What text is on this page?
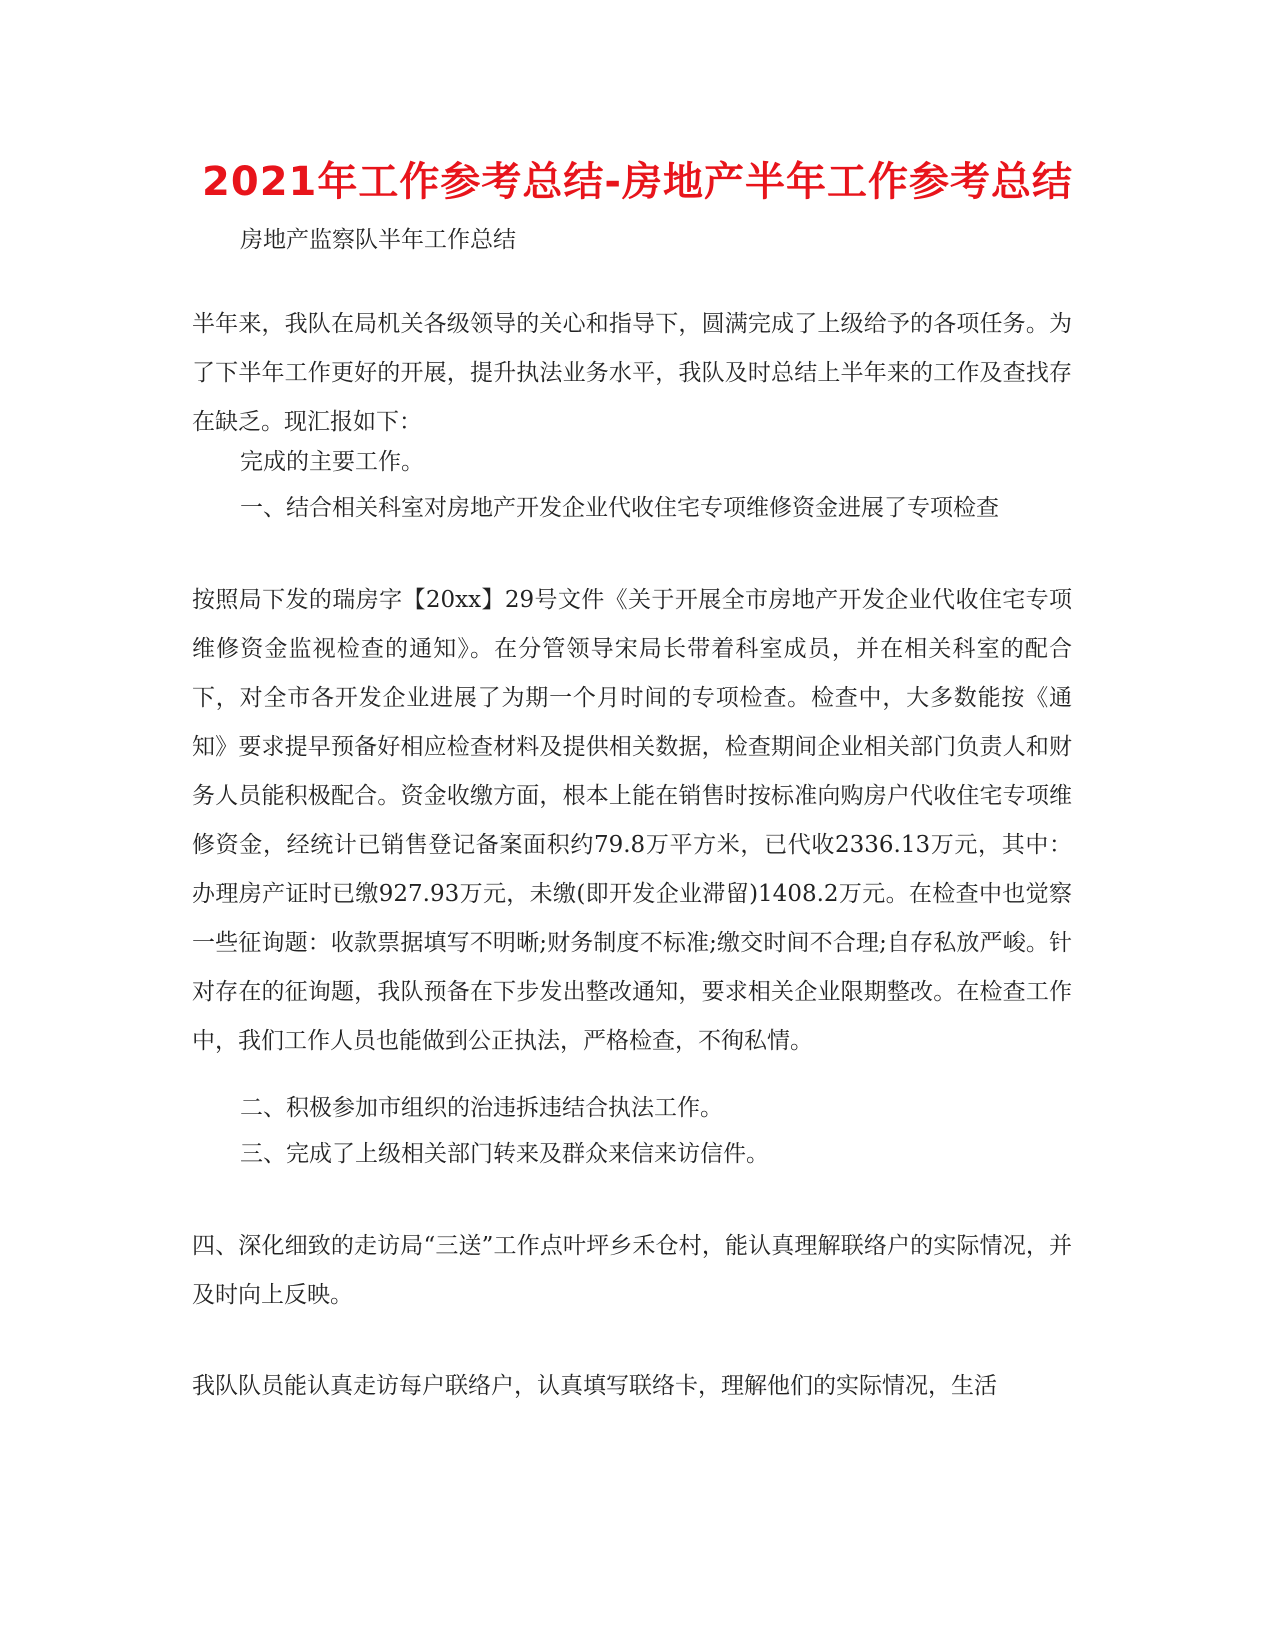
2021年工作参考总结-房地产半年工作参考总结
房地产监察队半年工作总结
半年来，我队在局机关各级领导的关心和指导下，圆满完成了上级给予的各项任务。为了下半年工作更好的开展，提升执法业务水平，我队及时总结上半年来的工作及查找存在缺乏。现汇报如下：
完成的主要工作。
一、结合相关科室对房地产开发企业代收住宅专项维修资金进展了专项检查
按照局下发的瑞房字【20xx】29号文件《关于开展全市房地产开发企业代收住宅专项维修资金监视检查的通知》。在分管领导宋局长带着科室成员，并在相关科室的配合下，对全市各开发企业进展了为期一个月时间的专项检查。检查中，大多数能按《通知》要求提早预备好相应检查材料及提供相关数据，检查期间企业相关部门负责人和财务人员能积极配合。资金收缴方面，根本上能在销售时按标准向购房户代收住宅专项维修资金，经统计已销售登记备案面积约79.8万平方米，已代收2336.13万元，其中：办理房产证时已缴927.93万元，未缴(即开发企业滞留)1408.2万元。在检查中也觉察一些征询题：收款票据填写不明晰;财务制度不标准;缴交时间不合理;自存私放严峻。针对存在的征询题，我队预备在下步发出整改通知，要求相关企业限期整改。在检查工作中，我们工作人员也能做到公正执法，严格检查，不徇私情。
二、积极参加市组织的治违拆违结合执法工作。
三、完成了上级相关部门转来及群众来信来访信件。
四、深化细致的走访局“三送”工作点叶坪乡禾仓村，能认真理解联络户的实际情况，并及时向上反映。
我队队员能认真走访每户联络户，认真填写联络卡，理解他们的实际情况，生活
